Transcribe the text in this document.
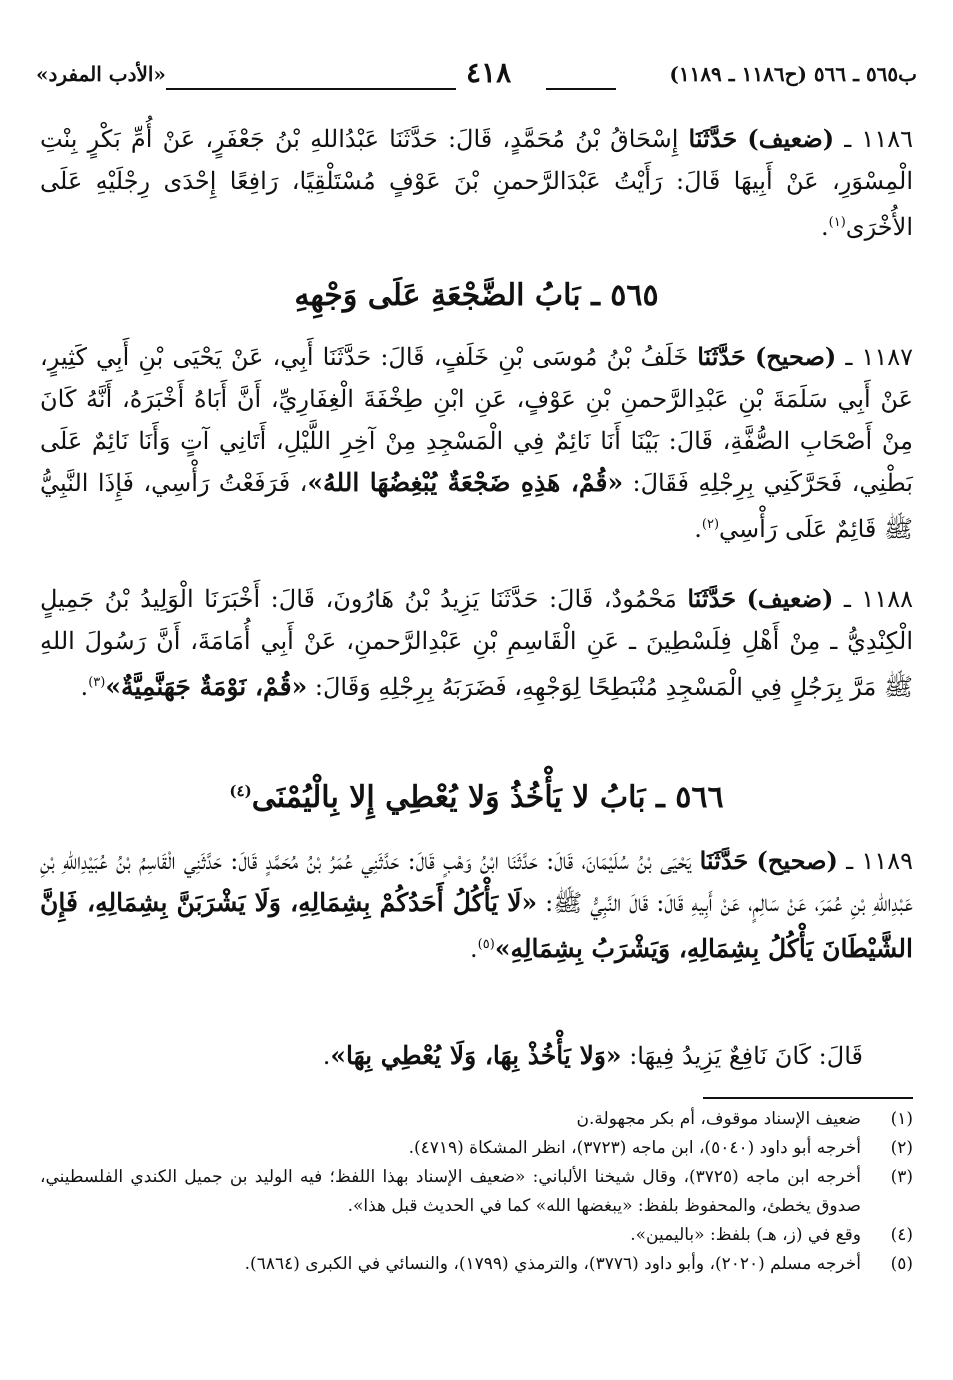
ب٥٦٥ ـ ٥٦٦ (ح١١٨٦ ـ ١١٨٩)
٤١٨
«الأدب المفرد»

١١٨٦ ـ (ضعيف) حَدَّثَنَا إِسْحَاقُ بْنُ مُحَمَّدٍ، قَالَ: حَدَّثَنَا عَبْدُاللهِ بْنُ جَعْفَرٍ، عَنْ أُمِّ بَكْرٍ بِنْتِ الْمِسْوَرِ، عَنْ أَبِيهَا قَالَ: رَأَيْتُ عَبْدَالرَّحمنِ بْنَ عَوْفٍ مُسْتَلْقِيًا، رَافِعًا إِحْدَى رِجْلَيْهِ عَلَى الأُخْرَى$^{(١)}$.

٥٦٥ ـ بَابُ الضَّجْعَةِ عَلَى وَجْهِهِ

١١٨٧ ـ (صحيح) حَدَّثَنَا خَلَفُ بْنُ مُوسَى بْنِ خَلَفٍ، قَالَ: حَدَّثَنَا أَبِي، عَنْ يَحْيَى بْنِ أَبِي كَثِيرٍ، عَنْ أَبِي سَلَمَةَ بْنِ عَبْدِالرَّحمنِ بْنِ عَوْفٍ، عَنِ ابْنِ طِخْفَةَ الْغِفَارِيِّ، أَنَّ أَبَاهُ أَخْبَرَهُ، أَنَّهُ كَانَ مِنْ أَصْحَابِ الصُّفَّةِ، قَالَ: بَيْنَا أَنَا نَائِمٌ فِي الْمَسْجِدِ مِنْ آخِرِ اللَّيْلِ، أَتَانِي آتٍ وَأَنَا نَائِمٌ عَلَى بَطْنِي، فَحَرَّكَنِي بِرِجْلِهِ فَقَالَ: «قُمْ، هَذِهِ ضَجْعَةٌ يُبْغِضُهَا اللهُ»، فَرَفَعْتُ رَأْسِي، فَإِذَا النَّبِيُّ ﷺ قَائِمٌ عَلَى رَأْسِي$^{(٢)}$.

١١٨٨ ـ (ضعيف) حَدَّثَنَا مَحْمُودٌ، قَالَ: حَدَّثَنَا يَزِيدُ بْنُ هَارُونَ، قَالَ: أَخْبَرَنَا الْوَلِيدُ بْنُ جَمِيلٍ الْكِنْدِيُّ ـ مِنْ أَهْلِ فِلَسْطِينَ ـ عَنِ الْقَاسِمِ بْنِ عَبْدِالرَّحمنِ، عَنْ أَبِي أُمَامَةَ، أَنَّ رَسُولَ اللهِ ﷺ مَرَّ بِرَجُلٍ فِي الْمَسْجِدِ مُنْبَطِحًا لِوَجْهِهِ، فَضَرَبَهُ بِرِجْلِهِ وَقَالَ: «قُمْ، نَوْمَةٌ جَهَنَّمِيَّةٌ»$^{(٣)}$.

٥٦٦ ـ بَابُ لا يَأْخُذُ وَلا يُعْطِي إِلا بِالْيُمْنَى$^{(٤)}$

١١٨٩ ـ (صحيح) حَدَّثَنَا يَحْيَى بْنُ سُلَيْمَانَ، قَالَ: حَدَّثَنَا ابْنُ وَهْبٍ قَالَ: حَدَّثَنِي عُمَرُ بْنُ مُحَمَّدٍ قَالَ: حَدَّثَنِي الْقَاسِمُ بْنُ عُبَيْدِاللهِ بْنِ عَبْدِاللهِ بْنِ عُمَرَ، عَنْ سَالِمٍ، عَنْ أَبِيهِ قَالَ: قَالَ النَّبِيُّ ﷺ: «لَا يَأْكُلُ أَحَدُكُمْ بِشِمَالِهِ، وَلَا يَشْرَبَنَّ بِشِمَالِهِ، فَإِنَّ الشَّيْطَانَ يَأْكُلُ بِشِمَالِهِ، وَيَشْرَبُ بِشِمَالِهِ»$^{(٥)}$.

قَالَ: كَانَ نَافِعٌ يَزِيدُ فِيهَا: «وَلا يَأْخُذْ بِهَا، وَلَا يُعْطِي بِهَا».

(١)
ضعيف الإسناد موقوف، أم بكر مجهولة.ن

(٢)
أخرجه أبو داود (٥٠٤٠)، ابن ماجه (٣٧٢٣)، انظر المشكاة (٤٧١٩).

(٣)
أخرجه ابن ماجه (٣٧٢٥)، وقال شيخنا الألباني: «ضعيف الإسناد بهذا اللفظ؛ فيه الوليد بن جميل الكندي الفلسطيني، صدوق يخطئ، والمحفوظ بلفظ: «يبغضها الله» كما في الحديث قبل هذا».

(٤)
وقع في (ز، هـ) بلفظ: «باليمين».

(٥)
أخرجه مسلم (٢٠٢٠)، وأبو داود (٣٧٧٦)، والترمذي (١٧٩٩)، والنسائي في الكبرى (٦٨٦٤).
